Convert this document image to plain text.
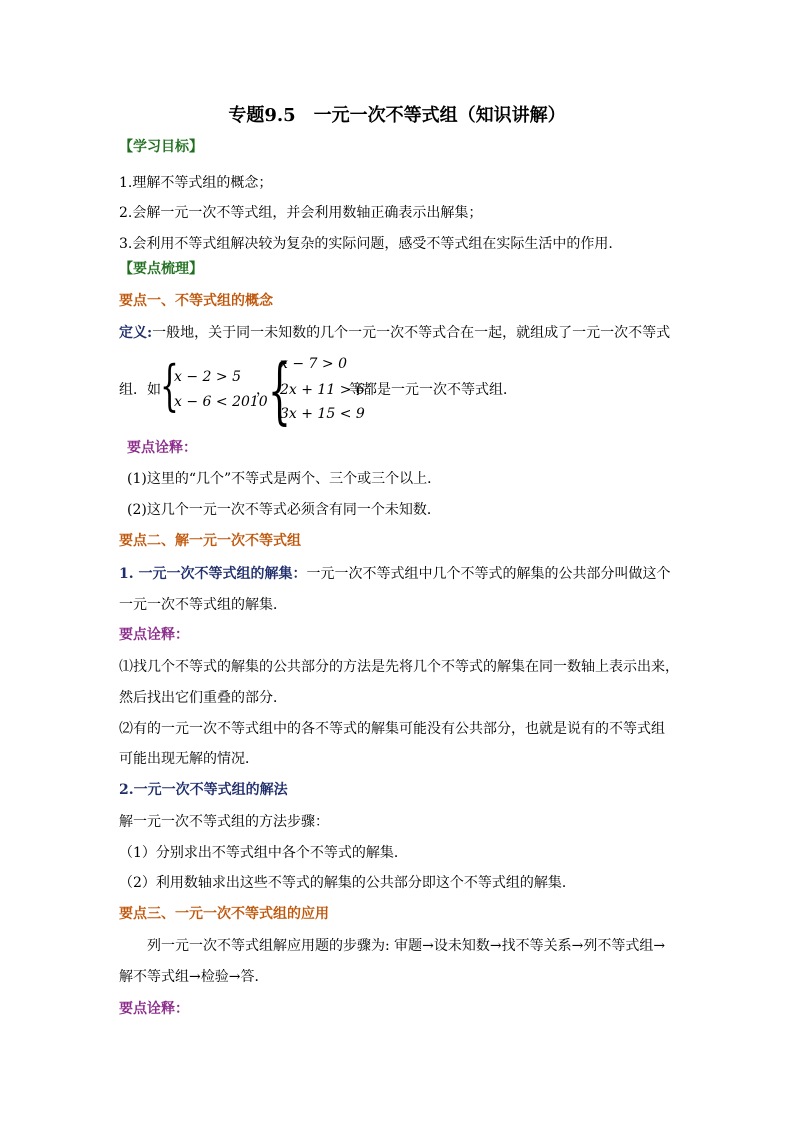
专题9.5　一元一次不等式组（知识讲解）
【学习目标】
1.理解不等式组的概念；
2.会解一元一次不等式组，并会利用数轴正确表示出解集；
3.会利用不等式组解决较为复杂的实际问题，感受不等式组在实际生活中的作用.
【要点梳理】
要点一、不等式组的概念
定义:一般地，关于同一未知数的几个一元一次不等式合在一起，就组成了一元一次不等式
组．如 {
x − 2 > 5
x − 6 < 2010
，
{
x − 7 > 0
2x + 11 > 6
3x + 15 < 9
等都是一元一次不等式组．
要点诠释：
(1)这里的“几个”不等式是两个、三个或三个以上．
(2)这几个一元一次不等式必须含有同一个未知数．
要点二、解一元一次不等式组
1. 一元一次不等式组的解集：一元一次不等式组中几个不等式的解集的公共部分叫做这个
一元一次不等式组的解集．
要点诠释：
⑴找几个不等式的解集的公共部分的方法是先将几个不等式的解集在同一数轴上表示出来，
然后找出它们重叠的部分．
⑵有的一元一次不等式组中的各不等式的解集可能没有公共部分，也就是说有的不等式组
可能出现无解的情况．
2.一元一次不等式组的解法
解一元一次不等式组的方法步骤：
（1）分别求出不等式组中各个不等式的解集．
（2）利用数轴求出这些不等式的解集的公共部分即这个不等式组的解集．
要点三、一元一次不等式组的应用
列一元一次不等式组解应用题的步骤为: 审题→设未知数→找不等关系→列不等式组→
解不等式组→检验→答．
要点诠释：
